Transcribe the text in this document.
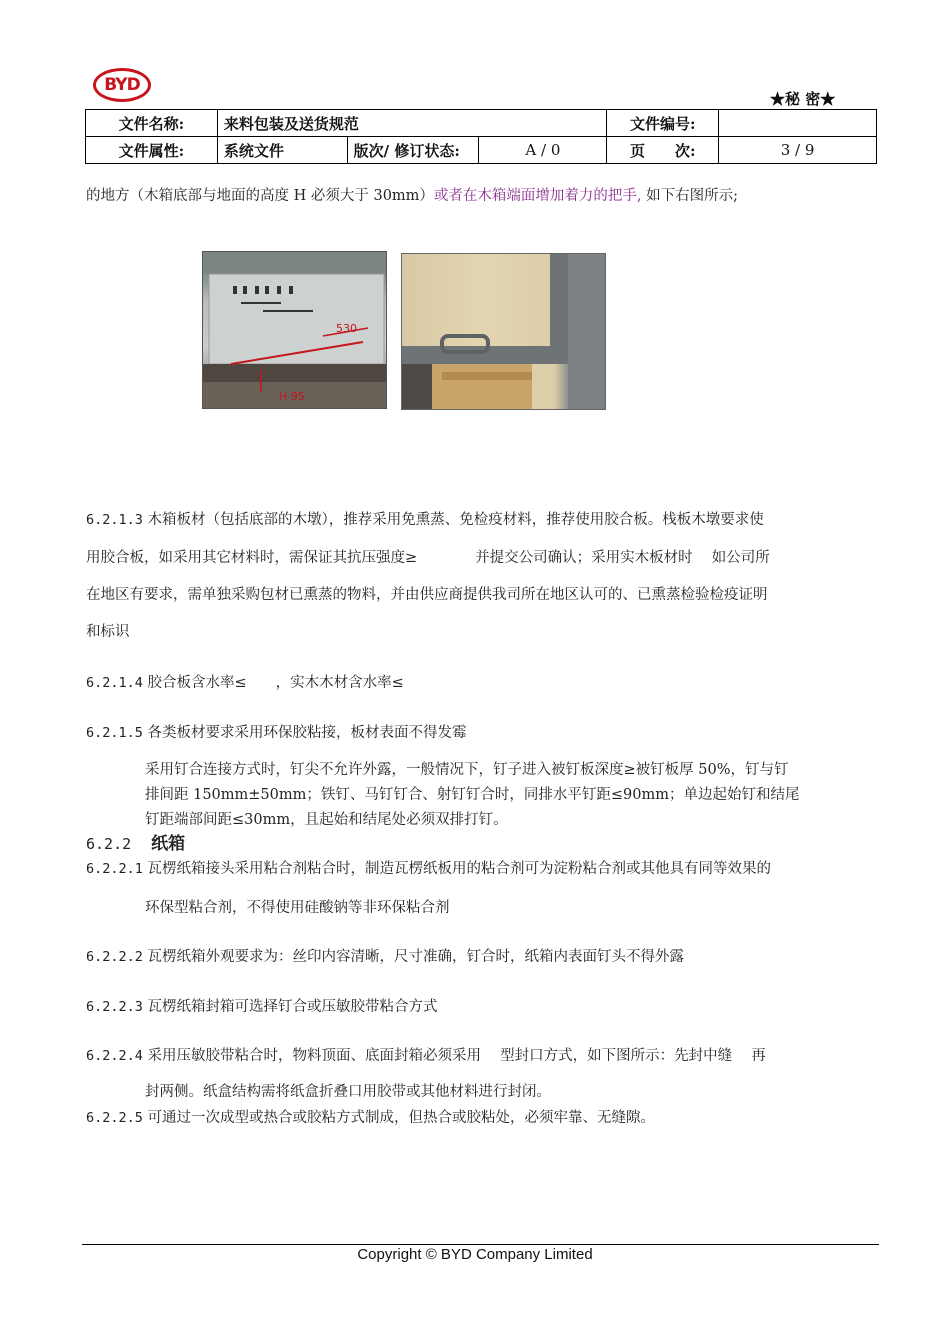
BYD
★秘 密★
文件名称:	来料包装及送货规范			文件编号:	
文件属性:	系统文件	版次/ 修订状态:	A / 0	页　　次:	3 / 9
的地方（木箱底部与地面的高度 H 必须大于 30mm）或者在木箱端面增加着力的把手, 如下右图所示;
530
H 95
6.2.1.3 木箱板材（包括底部的木墩），推荐采用免熏蒸、免检疫材料，推荐使用胶合板。栈板木墩要求使
用胶合板，如采用其它材料时，需保证其抗压强度≥　　　　并提交公司确认；采用实木板材时　 如公司所
在地区有要求，需单独采购包材已熏蒸的物料，并由供应商提供我司所在地区认可的、已熏蒸检验检疫证明
和标识
6.2.1.4 胶合板含水率≤　　，实木木材含水率≤
6.2.1.5 各类板材要求采用环保胶粘接，板材表面不得发霉
采用钉合连接方式时，钉尖不允许外露，一般情况下，钉子进入被钉板深度≥被钉板厚 50%，钉与钉
排间距 150mm±50mm；铁钉、马钉钉合、射钉钉合时，同排水平钉距≤90mm；单边起始钉和结尾
钉距端部间距≤30mm，且起始和结尾处必须双排打钉。
6.2.2 纸箱
6.2.2.1 瓦楞纸箱接头采用粘合剂粘合时，制造瓦楞纸板用的粘合剂可为淀粉粘合剂或其他具有同等效果的
环保型粘合剂，不得使用硅酸钠等非环保粘合剂
6.2.2.2 瓦楞纸箱外观要求为：丝印内容清晰，尺寸准确，钉合时，纸箱内表面钉头不得外露
6.2.2.3 瓦楞纸箱封箱可选择钉合或压敏胶带粘合方式
6.2.2.4 采用压敏胶带粘合时，物料顶面、底面封箱必须采用　 型封口方式，如下图所示：先封中缝　 再
封两侧。纸盒结构需将纸盒折叠口用胶带或其他材料进行封闭。
6.2.2.5 可通过一次成型或热合或胶粘方式制成，但热合或胶粘处，必须牢靠、无缝隙。
Copyright © BYD Company Limited
